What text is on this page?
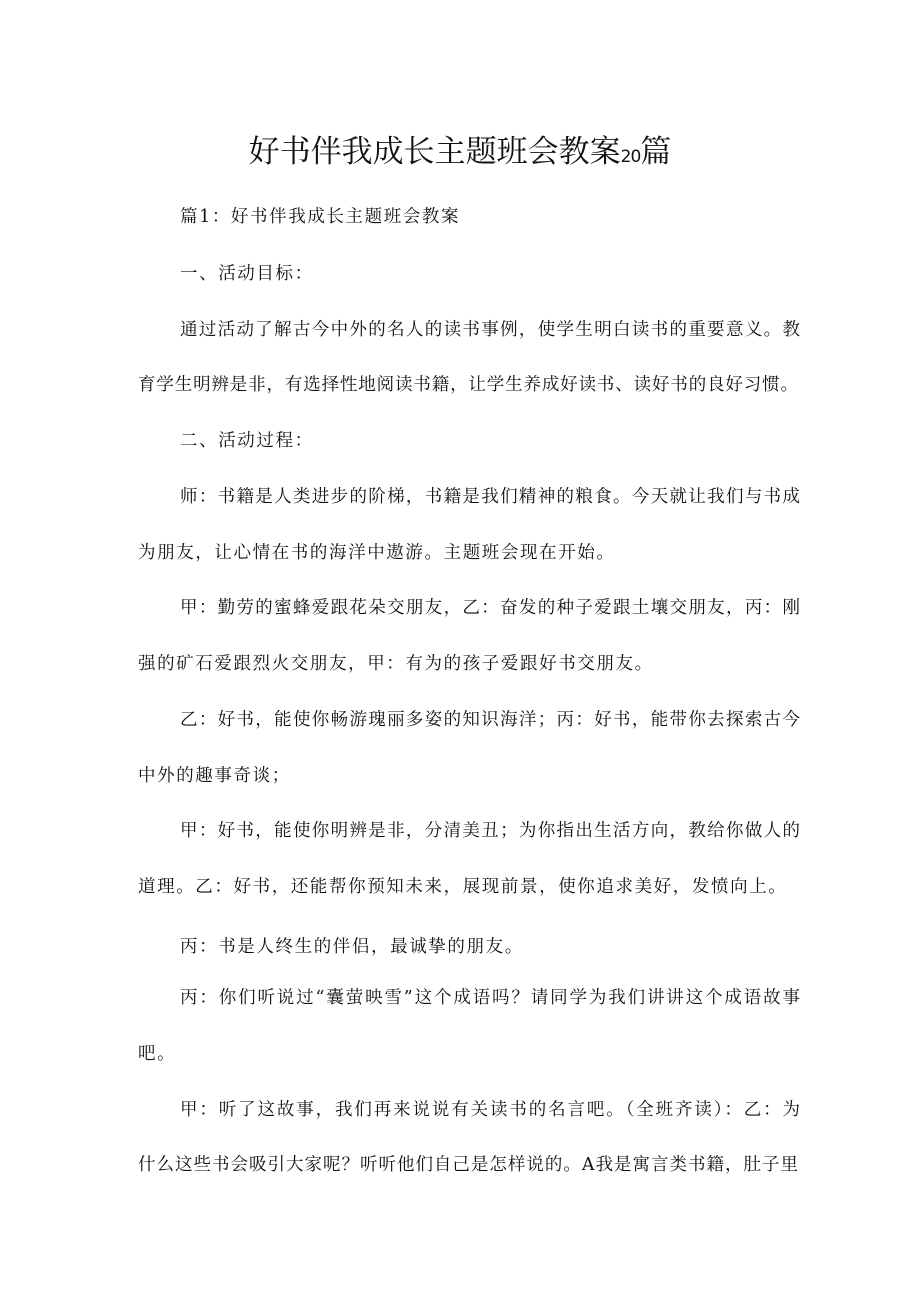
好书伴我成长主题班会教案20篇

篇1：好书伴我成长主题班会教案

一、活动目标：

通过活动了解古今中外的名人的读书事例，使学生明白读书的重要意义。教

育学生明辨是非，有选择性地阅读书籍，让学生养成好读书、读好书的良好习惯。

二、活动过程：

师：书籍是人类进步的阶梯，书籍是我们精神的粮食。今天就让我们与书成

为朋友，让心情在书的海洋中遨游。主题班会现在开始。

甲：勤劳的蜜蜂爱跟花朵交朋友，乙：奋发的种子爱跟土壤交朋友，丙：刚

强的矿石爱跟烈火交朋友，甲：有为的孩子爱跟好书交朋友。

乙：好书，能使你畅游瑰丽多姿的知识海洋；丙：好书，能带你去探索古今

中外的趣事奇谈；

甲：好书，能使你明辨是非，分清美丑；为你指出生活方向，教给你做人的

道理。乙：好书，还能帮你预知未来，展现前景，使你追求美好，发愤向上。

丙：书是人终生的伴侣，最诚挚的朋友。

丙：你们听说过“囊萤映雪”这个成语吗？请同学为我们讲讲这个成语故事

吧。

甲：听了这故事，我们再来说说有关读书的名言吧。（全班齐读）：乙：为

什么这些书会吸引大家呢？听听他们自己是怎样说的。A我是寓言类书籍，肚子里
